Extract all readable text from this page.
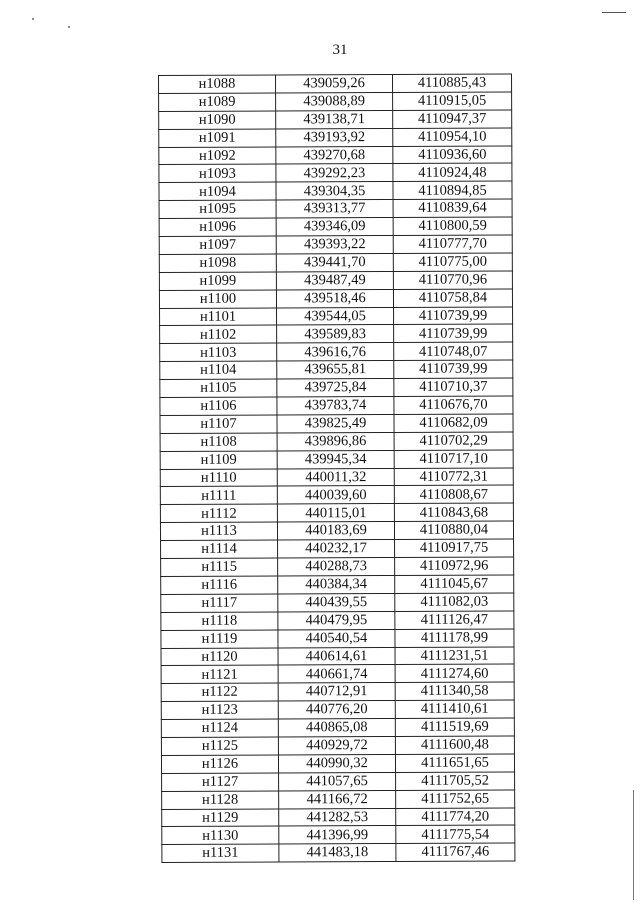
31
н1088	439059,26	4110885,43
н1089	439088,89	4110915,05
н1090	439138,71	4110947,37
н1091	439193,92	4110954,10
н1092	439270,68	4110936,60
н1093	439292,23	4110924,48
н1094	439304,35	4110894,85
н1095	439313,77	4110839,64
н1096	439346,09	4110800,59
н1097	439393,22	4110777,70
н1098	439441,70	4110775,00
н1099	439487,49	4110770,96
н1100	439518,46	4110758,84
н1101	439544,05	4110739,99
н1102	439589,83	4110739,99
н1103	439616,76	4110748,07
н1104	439655,81	4110739,99
н1105	439725,84	4110710,37
н1106	439783,74	4110676,70
н1107	439825,49	4110682,09
н1108	439896,86	4110702,29
н1109	439945,34	4110717,10
н1110	440011,32	4110772,31
н1111	440039,60	4110808,67
н1112	440115,01	4110843,68
н1113	440183,69	4110880,04
н1114	440232,17	4110917,75
н1115	440288,73	4110972,96
н1116	440384,34	4111045,67
н1117	440439,55	4111082,03
н1118	440479,95	4111126,47
н1119	440540,54	4111178,99
н1120	440614,61	4111231,51
н1121	440661,74	4111274,60
н1122	440712,91	4111340,58
н1123	440776,20	4111410,61
н1124	440865,08	4111519,69
н1125	440929,72	4111600,48
н1126	440990,32	4111651,65
н1127	441057,65	4111705,52
н1128	441166,72	4111752,65
н1129	441282,53	4111774,20
н1130	441396,99	4111775,54
н1131	441483,18	4111767,46
